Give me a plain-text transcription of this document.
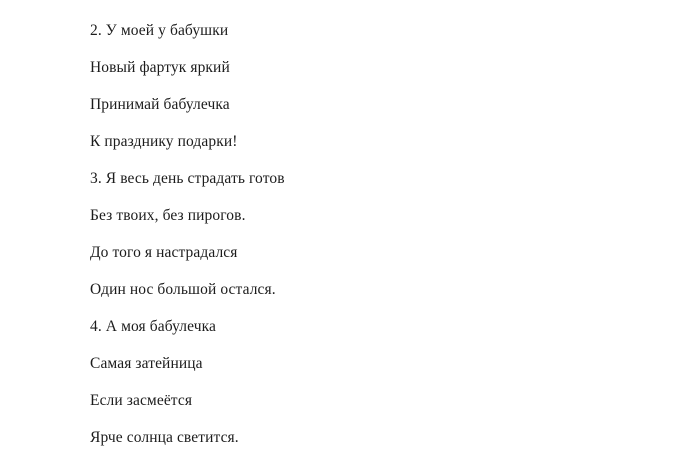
2. У моей у бабушки
Новый фартук яркий
Принимай бабулечка
К празднику подарки!
3. Я весь день страдать готов
Без твоих, без пирогов.
До того я настрадался
Один нос большой остался.
4. А моя бабулечка
Самая затейница
Если засмеётся
Ярче солнца светится.
